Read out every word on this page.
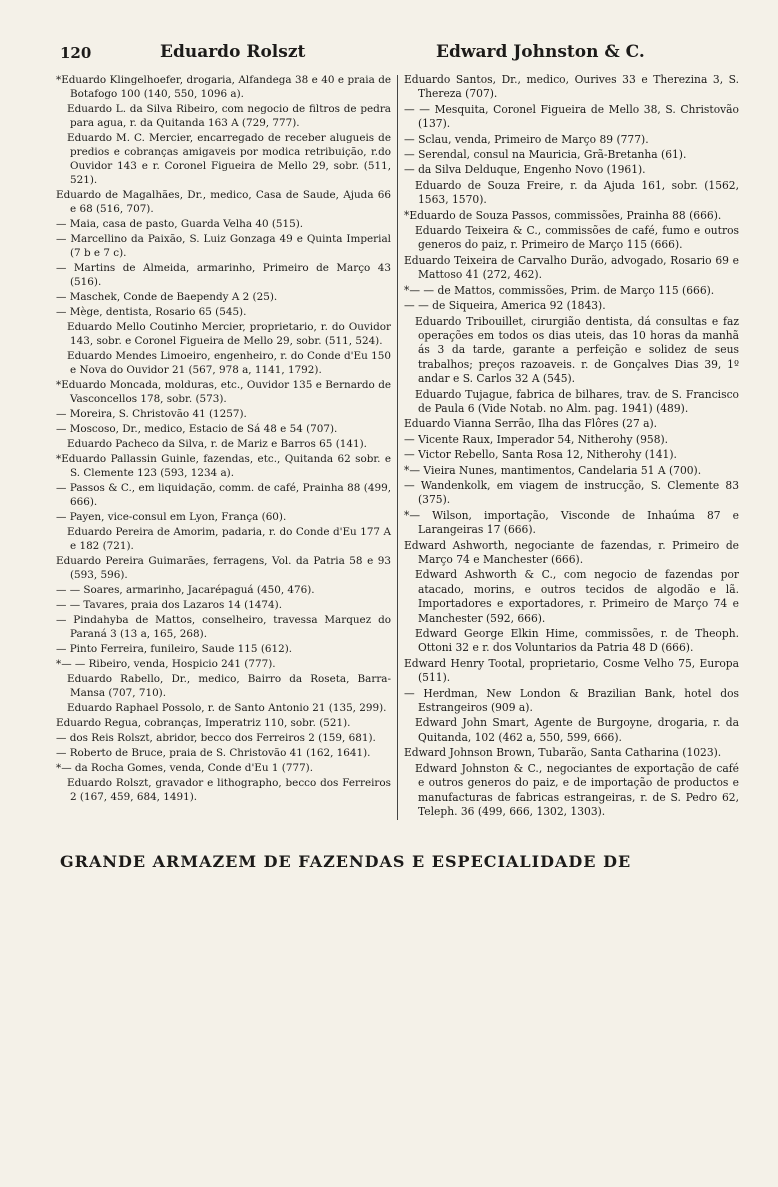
120	Eduardo Rolszt	Edward Johnston & C.

*Eduardo Klingelhoefer, drogaria, Alfandega 38 e 40 e praia de Botafogo 100 (140, 550, 1096 a).

Eduardo L. da Silva Ribeiro, com negocio de filtros de pedra para agua, r. da Quitanda 163 A (729, 777).

Eduardo M. C. Mercier, encarregado de receber alugueis de predios e cobranças amigaveis por modica retribuição, r.do Ouvidor 143 e r. Coronel Figueira de Mello 29, sobr. (511, 521).

Eduardo de Magalhães, Dr., medico, Casa de Saude, Ajuda 66 e 68 (516, 707).

— Maia, casa de pasto, Guarda Velha 40 (515).

— Marcellino da Paixão, S. Luiz Gonzaga 49 e Quinta Imperial (7 b e 7 c).

— Martins de Almeida, armarinho, Primeiro de Março 43 (516).

— Maschek, Conde de Baependy A 2 (25).

— Mège, dentista, Rosario 65 (545).

Eduardo Mello Coutinho Mercier, proprietario, r. do Ouvidor 143, sobr. e Coronel Figueira de Mello 29, sobr. (511, 524).

Eduardo Mendes Limoeiro, engenheiro, r. do Conde d'Eu 150 e Nova do Ouvidor 21 (567, 978 a, 1141, 1792).

*Eduardo Moncada, molduras, etc., Ouvidor 135 e Bernardo de Vasconcellos 178, sobr. (573).

— Moreira, S. Christovão 41 (1257).

— Moscoso, Dr., medico, Estacio de Sá 48 e 54 (707).

Eduardo Pacheco da Silva, r. de Mariz e Barros 65 (141).

*Eduardo Pallassin Guinle, fazendas, etc., Quitanda 62 sobr. e S. Clemente 123 (593, 1234 a).

— Passos & C., em liquidação, comm. de café, Prainha 88 (499, 666).

— Payen, vice-consul em Lyon, França (60).

Eduardo Pereira de Amorim, padaria, r. do Conde d'Eu 177 A e 182 (721).

Eduardo Pereira Guimarães, ferragens, Vol. da Patria 58 e 93 (593, 596).

— — Soares, armarinho, Jacarépaguá (450, 476).

— — Tavares, praia dos Lazaros 14 (1474).

— Pindahyba de Mattos, conselheiro, travessa Marquez do Paraná 3 (13 a, 165, 268).

— Pinto Ferreira, funileiro, Saude 115 (612).

*— — Ribeiro, venda, Hospicio 241 (777).

Eduardo Rabello, Dr., medico, Bairro da Roseta, Barra-Mansa (707, 710).

Eduardo Raphael Possolo, r. de Santo Antonio 21 (135, 299).

Eduardo Regua, cobranças, Imperatriz 110, sobr. (521).

— dos Reis Rolszt, abridor, becco dos Ferreiros 2 (159, 681).

— Roberto de Bruce, praia de S. Christovão 41 (162, 1641).

*— da Rocha Gomes, venda, Conde d'Eu 1 (777).

Eduardo Rolszt, gravador e lithographo, becco dos Ferreiros 2 (167, 459, 684, 1491).

Eduardo Santos, Dr., medico, Ourives 33 e Therezina 3, S. Thereza (707).

— — Mesquita, Coronel Figueira de Mello 38, S. Christovão (137).

— Sclau, venda, Primeiro de Março 89 (777).

— Serendal, consul na Mauricia, Grã-Bretanha (61).

— da Silva Delduque, Engenho Novo (1961).

Eduardo de Souza Freire, r. da Ajuda 161, sobr. (1562, 1563, 1570).

*Eduardo de Souza Passos, commissões, Prainha 88 (666).

Eduardo Teixeira & C., commissões de café, fumo e outros generos do paiz, r. Primeiro de Março 115 (666).

Eduardo Teixeira de Carvalho Durão, advogado, Rosario 69 e Mattoso 41 (272, 462).

*— — de Mattos, commissões, Prim. de Março 115 (666).

— — de Siqueira, America 92 (1843).

Eduardo Tribouillet, cirurgião dentista, dá consultas e faz operações em todos os dias uteis, das 10 horas da manhã ás 3 da tarde, garante a perfeição e solidez de seus trabalhos; preços razoaveis. r. de Gonçalves Dias 39, 1º andar e S. Carlos 32 A (545).

Eduardo Tujague, fabrica de bilhares, trav. de S. Francisco de Paula 6 (Vide Notab. no Alm. pag. 1941) (489).

Eduardo Vianna Serrão, Ilha das Flôres (27 a).

— Vicente Raux, Imperador 54, Nitherohy (958).

— Victor Rebello, Santa Rosa 12, Nitherohy (141).

*— Vieira Nunes, mantimentos, Candelaria 51 A (700).

— Wandenkolk, em viagem de instrucção, S. Clemente 83 (375).

*— Wilson, importação, Visconde de Inhaúma 87 e Larangeiras 17 (666).

Edward Ashworth, negociante de fazendas, r. Primeiro de Março 74 e Manchester (666).

Edward Ashworth & C., com negocio de fazendas por atacado, morins, e outros tecidos de algodão e lã. Importadores e exportadores, r. Primeiro de Março 74 e Manchester (592, 666).

Edward George Elkin Hime, commissões, r. de Theoph. Ottoni 32 e r. dos Voluntarios da Patria 48 D (666).

Edward Henry Tootal, proprietario, Cosme Velho 75, Europa (511).

— Herdman, New London & Brazilian Bank, hotel dos Estrangeiros (909 a).

Edward John Smart, Agente de Burgoyne, drogaria, r. da Quitanda, 102 (462 a, 550, 599, 666).

Edward Johnson Brown, Tubarão, Santa Catharina (1023).

Edward Johnston & C., negociantes de exportação de café e outros generos do paiz, e de importação de productos e manufacturas de fabricas estrangeiras, r. de S. Pedro 62, Teleph. 36 (499, 666, 1302, 1303).

GRANDE ARMAZEM DE FAZENDAS E ESPECIALIDADE DE
